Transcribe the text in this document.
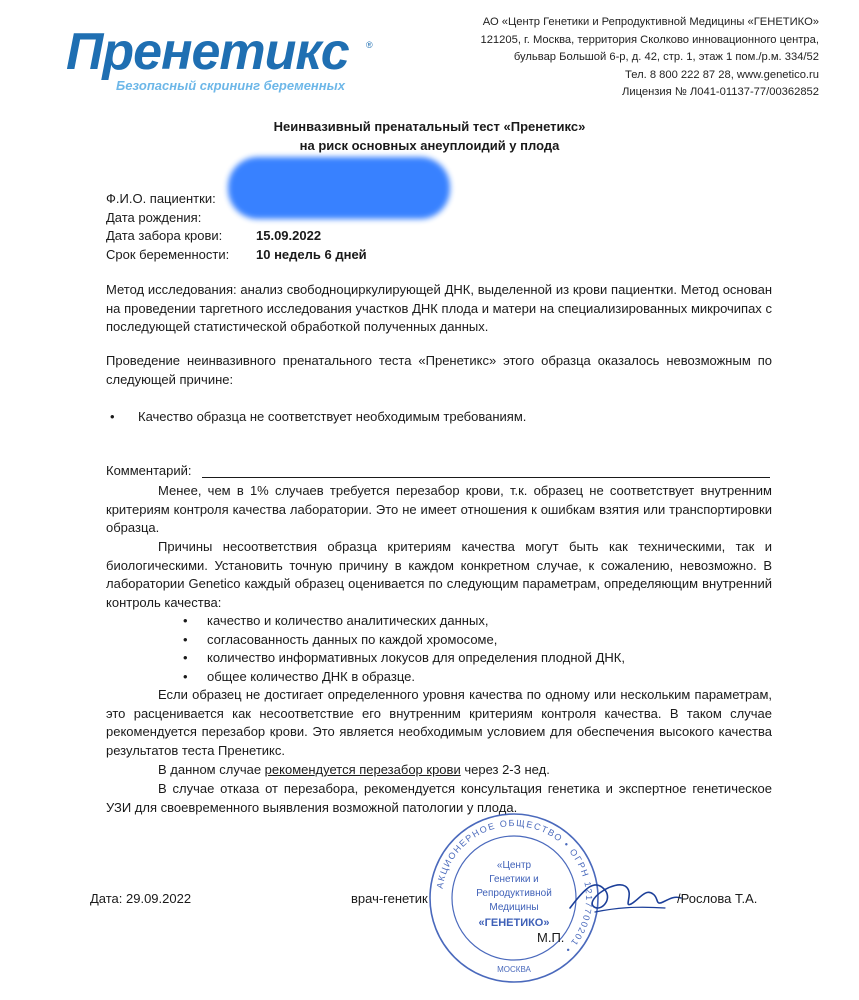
Пренетикс ®
Безопасный скрининг беременных
АО «Центр Генетики и Репродуктивной Медицины «ГЕНЕТИКО»
121205, г. Москва, территория Сколково инновационного центра,
бульвар Большой 6-р, д. 42, стр. 1, этаж 1 пом./р.м. 334/52
Тел. 8 800 222 87 28, www.genetico.ru
Лицензия № Л041-01137-77/00362852
Неинвазивный пренатальный тест «Пренетикс»
на риск основных анеуплоидий у плода
Ф.И.О. пациентки:
Дата рождения:
Дата забора крови:	15.09.2022
Срок беременности: 10 недель 6 дней
Метод исследования: анализ свободноциркулирующей ДНК, выделенной из крови пациентки. Метод основан на проведении таргетного исследования участков ДНК плода и матери на специализированных микрочипах с последующей статистической обработкой полученных данных.
Проведение неинвазивного пренатального теста «Пренетикс» этого образца оказалось невозможным по следующей причине:
• Качество образца не соответствует необходимым требованиям.
Комментарий:
Менее, чем в 1% случаев требуется перезабор крови, т.к. образец не соответствует внутренним критериям контроля качества лаборатории. Это не имеет отношения к ошибкам взятия или транспортировки образца.
Причины несоответствия образца критериям качества могут быть как техническими, так и биологическими. Установить точную причину в каждом конкретном случае, к сожалению, невозможно. В лаборатории Genetico каждый образец оценивается по следующим параметрам, определяющим внутренний контроль качества:
• качество и количество аналитических данных,
• согласованность данных по каждой хромосоме,
• количество информативных локусов для определения плодной ДНК,
• общее количество ДНК в образце.
Если образец не достигает определенного уровня качества по одному или нескольким параметрам, это расценивается как несоответствие его внутренним критериям контроля качества. В таком случае рекомендуется перезабор крови. Это является необходимым условием для обеспечения высокого качества результатов теста Пренетикс.
В данном случае рекомендуется перезабор крови через 2-3 нед.
В случае отказа от перезабора, рекомендуется консультация генетика и экспертное генетическое УЗИ для своевременного выявления возможной патологии у плода.
АКЦИОНЕРНОЕ ОБЩЕСТВО • ОГРН 1217700201 •
МОСКВА
«Центр
Генетики и
Репродуктивной
Медицины
«ГЕНЕТИКО»
Дата: 29.09.2022	врач-генетик	/Рослова Т.А.
М.П.
